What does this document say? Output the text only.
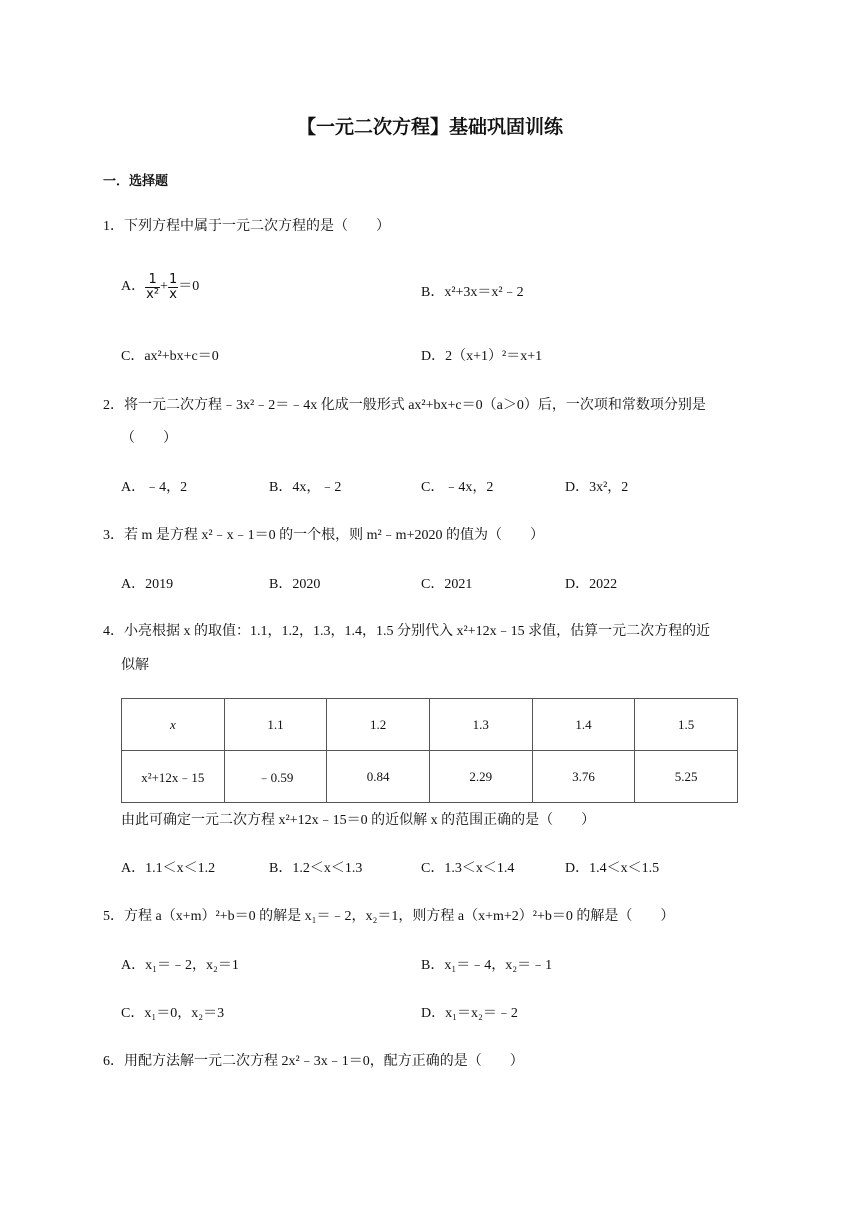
【一元二次方程】基础巩固训练
一．选择题
1．下列方程中属于一元二次方程的是（　　）
A． $\frac{1}{\text{x²}} + \frac{1}{x} =0$	B．x²+3x＝x²﹣2
C．ax²+bx+c＝0	D．2（x+1）²＝x+1
2．将一元二次方程﹣3x²﹣2＝﹣4x 化成一般形式 ax²+bx+c＝0（a＞0）后，一次项和常数项分别是
（　　）
A．﹣4，2	B．4x，﹣2	C．﹣4x，2	D．3x²，2
3．若 m 是方程 x²﹣x﹣1＝0 的一个根，则 m²﹣m+2020 的值为（　　）
A．2019	B．2020	C．2021	D．2022
4．小亮根据 x 的取值：1.1，1.2，1.3，1.4，1.5 分别代入 x²+12x﹣15 求值，估算一元二次方程的近
似解
x	1.1	1.2	1.3	1.4	1.5
x²+12x﹣15	﹣0.59	0.84	2.29	3.76	5.25
由此可确定一元二次方程 x²+12x﹣15＝0 的近似解 x 的范围正确的是（　　）
A．1.1＜x＜1.2	B．1.2＜x＜1.3	C．1.3＜x＜1.4	D．1.4＜x＜1.5
5．方程 a（x+m）²+b＝0 的解是 x₁＝﹣2，x₂＝1，则方程 a（x+m+2）²+b＝0 的解是（　　）
A．x₁＝﹣2，x₂＝1	B．x₁＝﹣4，x₂＝﹣1
C．x₁＝0，x₂＝3	D．x₁＝x₂＝﹣2
6．用配方法解一元二次方程 2x²﹣3x﹣1＝0，配方正确的是（　　）
